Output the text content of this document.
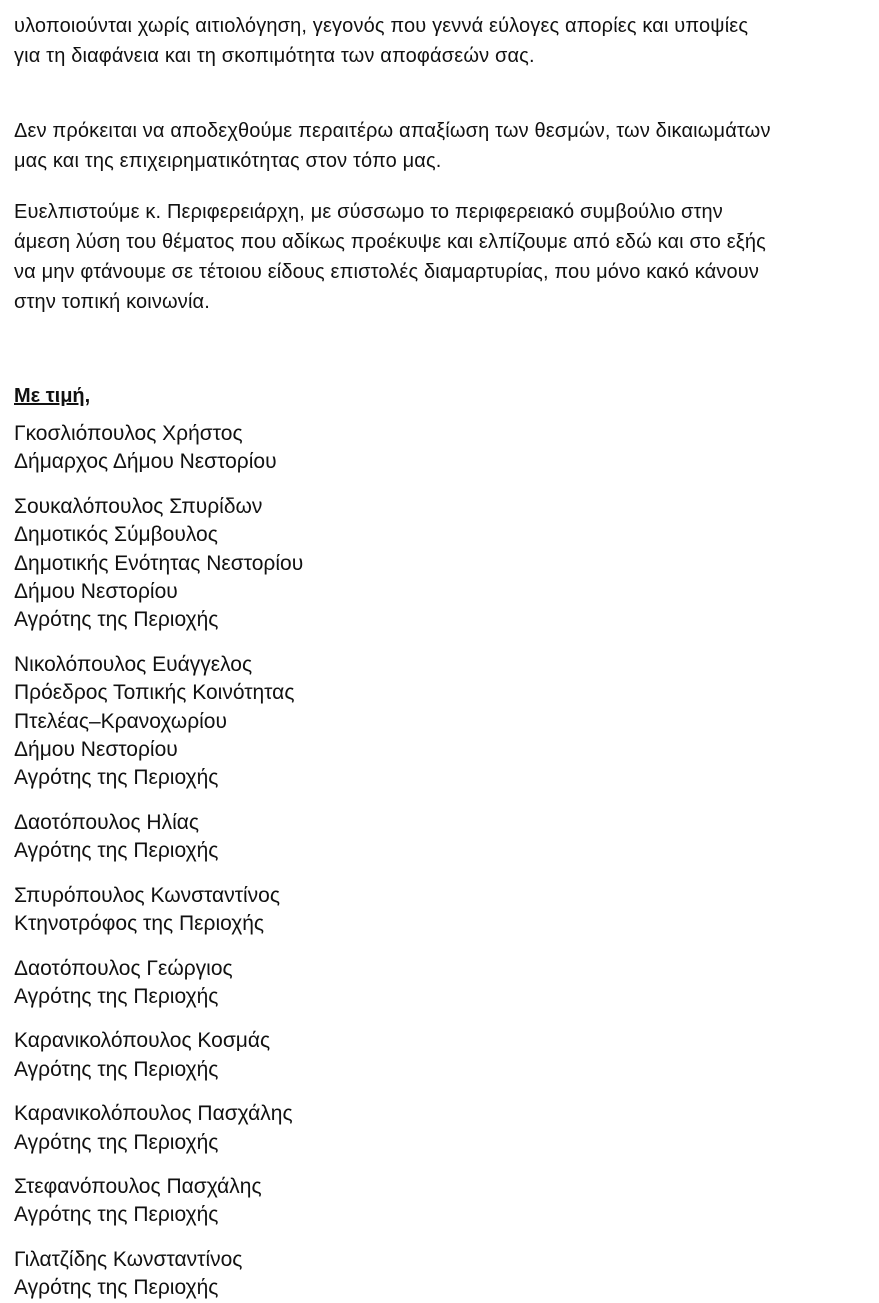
υλοποιούνται χωρίς αιτιολόγηση, γεγονός που γεννά εύλογες απορίες και υποψίες
για τη διαφάνεια και τη σκοπιμότητα των αποφάσεών σας.
Δεν πρόκειται να αποδεχθούμε περαιτέρω απαξίωση των θεσμών, των δικαιωμάτων
μας και της επιχειρηματικότητας στον τόπο μας.
Ευελπιστούμε κ. Περιφερειάρχη, με σύσσωμο το περιφερειακό συμβούλιο στην
άμεση λύση του θέματος που αδίκως προέκυψε και ελπίζουμε από εδώ και στο εξής
να μην φτάνουμε σε τέτοιου είδους επιστολές διαμαρτυρίας, που μόνο κακό κάνουν
στην τοπική κοινωνία.
Με τιμή,
Γκοσλιόπουλος Χρήστος
Δήμαρχος Δήμου Νεστορίου
Σουκαλόπουλος Σπυρίδων
Δημοτικός Σύμβουλος
Δημοτικής Ενότητας Νεστορίου
Δήμου Νεστορίου
Αγρότης της Περιοχής
Νικολόπουλος Ευάγγελος
Πρόεδρος Τοπικής Κοινότητας
Πτελέας–Κρανοχωρίου
Δήμου Νεστορίου
Αγρότης της Περιοχής
Δαοτόπουλος Ηλίας
Αγρότης της Περιοχής
Σπυρόπουλος Κωνσταντίνος
Κτηνοτρόφος της Περιοχής
Δαοτόπουλος Γεώργιος
Αγρότης της Περιοχής
Καρανικολόπουλος Κοσμάς
Αγρότης της Περιοχής
Καρανικολόπουλος Πασχάλης
Αγρότης της Περιοχής
Στεφανόπουλος Πασχάλης
Αγρότης της Περιοχής
Γιλατζίδης Κωνσταντίνος
Αγρότης της Περιοχής
